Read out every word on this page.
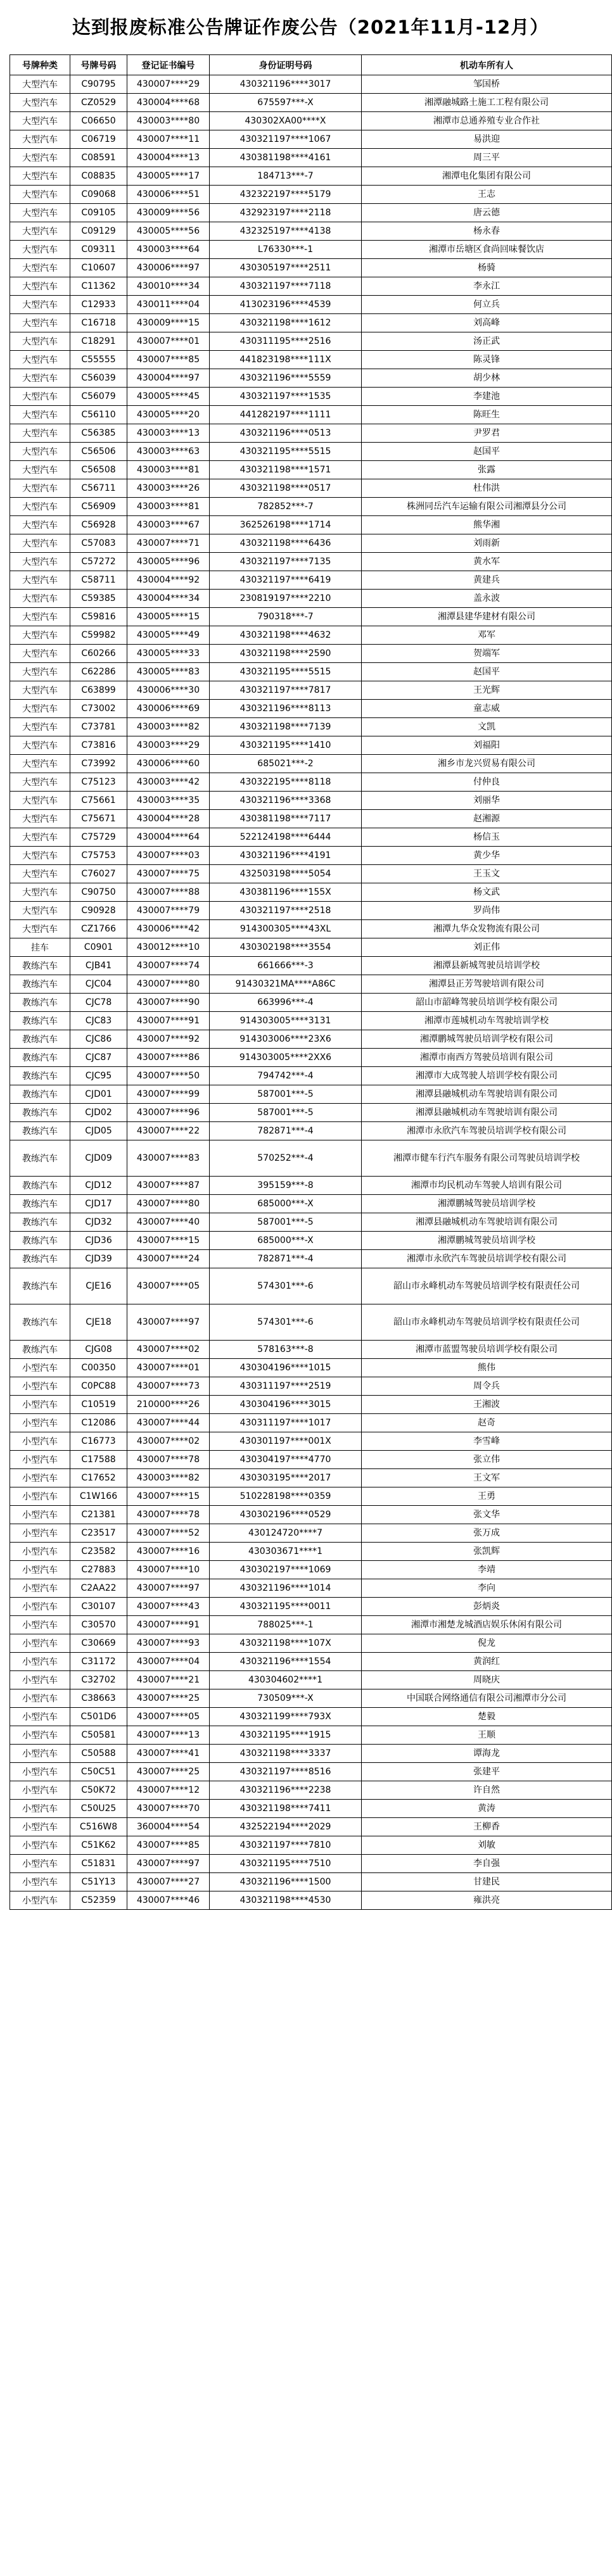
达到报废标准公告牌证作废公告（2021年11月-12月）
号牌种类	号牌号码	登记证书编号	身份证明号码	机动车所有人
大型汽车	C90795	430007****29	430321196****3017	邹国桥
大型汽车	CZ0529	430004****68	675597***-X	湘潭融城路土施工工程有限公司
大型汽车	C06650	430003****80	430302XA00****X	湘潭市总通养殖专业合作社
大型汽车	C06719	430007****11	430321197****1067	易洪迎
大型汽车	C08591	430004****13	430381198****4161	周三平
大型汽车	C08835	430005****17	184713***-7	湘潭电化集团有限公司
大型汽车	C09068	430006****51	432322197****5179	王志
大型汽车	C09105	430009****56	432923197****2118	唐云德
大型汽车	C09129	430005****56	432325197****4138	杨永春
大型汽车	C09311	430003****64	L76330***-1	湘潭市岳塘区食尚回味餐饮店
大型汽车	C10607	430006****97	430305197****2511	杨骑
大型汽车	C11362	430010****34	430321197****7118	李永江
大型汽车	C12933	430011****04	413023196****4539	何立兵
大型汽车	C16718	430009****15	430321198****1612	刘高峰
大型汽车	C18291	430007****01	430311195****2516	汤正武
大型汽车	C55555	430007****85	441823198****111X	陈灵锋
大型汽车	C56039	430004****97	430321196****5559	胡少林
大型汽车	C56079	430005****45	430321197****1535	李建池
大型汽车	C56110	430005****20	441282197****1111	陈旺生
大型汽车	C56385	430003****13	430321196****0513	尹罗君
大型汽车	C56506	430003****63	430321195****5515	赵国平
大型汽车	C56508	430003****81	430321198****1571	张露
大型汽车	C56711	430003****26	430321198****0517	杜伟洪
大型汽车	C56909	430003****81	782852***-7	株洲同岳汽车运输有限公司湘潭县分公司
大型汽车	C56928	430003****67	362526198****1714	熊华湘
大型汽车	C57083	430007****71	430321198****6436	刘雨新
大型汽车	C57272	430005****96	430321197****7135	黄水军
大型汽车	C58711	430004****92	430321197****6419	黄建兵
大型汽车	C59385	430004****34	230819197****2210	盖永波
大型汽车	C59816	430005****15	790318***-7	湘潭县建华建材有限公司
大型汽车	C59982	430005****49	430321198****4632	邓军
大型汽车	C60266	430005****33	430321198****2590	贺端军
大型汽车	C62286	430005****83	430321195****5515	赵国平
大型汽车	C63899	430006****30	430321197****7817	王光辉
大型汽车	C73002	430006****69	430321196****8113	童志威
大型汽车	C73781	430003****82	430321198****7139	文凯
大型汽车	C73816	430003****29	430321195****1410	刘福阳
大型汽车	C73992	430006****60	685021***-2	湘乡市龙兴贸易有限公司
大型汽车	C75123	430003****42	430322195****8118	付仲良
大型汽车	C75661	430003****35	430321196****3368	刘丽华
大型汽车	C75671	430004****28	430381198****7117	赵湘源
大型汽车	C75729	430004****64	522124198****6444	杨信玉
大型汽车	C75753	430007****03	430321196****4191	黄少华
大型汽车	C76027	430007****75	432503198****5054	王玉文
大型汽车	C90750	430007****88	430381196****155X	杨文武
大型汽车	C90928	430007****79	430321197****2518	罗尚伟
大型汽车	CZ1766	430006****42	914300305****43XL	湘潭九华众发物流有限公司
挂车	C0901	430012****10	430302198****3554	刘正伟
教练汽车	CJB41	430007****74	661666***-3	湘潭县新城驾驶员培训学校
教练汽车	CJC04	430007****80	91430321MA****A86C	湘潭县正芳驾驶培训有限公司
教练汽车	CJC78	430007****90	663996***-4	韶山市韶峰驾驶员培训学校有限公司
教练汽车	CJC83	430007****91	914303005****3131	湘潭市莲城机动车驾驶培训学校
教练汽车	CJC86	430007****92	914303006****23X6	湘潭鹏城驾驶员培训学校有限公司
教练汽车	CJC87	430007****86	914303005****2XX6	湘潭市南西方驾驶员培训有限公司
教练汽车	CJC95	430007****50	794742***-4	湘潭市大成驾驶人培训学校有限公司
教练汽车	CJD01	430007****99	587001***-5	湘潭县融城机动车驾驶培训有限公司
教练汽车	CJD02	430007****96	587001***-5	湘潭县融城机动车驾驶培训有限公司
教练汽车	CJD05	430007****22	782871***-4	湘潭市永欣汽车驾驶员培训学校有限公司
教练汽车	CJD09	430007****83	570252***-4	湘潭市健车行汽车服务有限公司驾驶员培训学校
教练汽车	CJD12	430007****87	395159***-8	湘潭市均民机动车驾驶人培训有限公司
教练汽车	CJD17	430007****80	685000***-X	湘潭鹏城驾驶员培训学校
教练汽车	CJD32	430007****40	587001***-5	湘潭县融城机动车驾驶培训有限公司
教练汽车	CJD36	430007****15	685000***-X	湘潭鹏城驾驶员培训学校
教练汽车	CJD39	430007****24	782871***-4	湘潭市永欣汽车驾驶员培训学校有限公司
教练汽车	CJE16	430007****05	574301***-6	韶山市永峰机动车驾驶员培训学校有限责任公司
教练汽车	CJE18	430007****97	574301***-6	韶山市永峰机动车驾驶员培训学校有限责任公司
教练汽车	CJG08	430007****02	578163***-8	湘潭市蓝盟驾驶员培训学校有限公司
小型汽车	C00350	430007****01	430304196****1015	熊伟
小型汽车	C0PC88	430007****73	430311197****2519	周令兵
小型汽车	C10519	210000****26	430304196****3015	王湘波
小型汽车	C12086	430007****44	430311197****1017	赵奇
小型汽车	C16773	430007****02	430301197****001X	李雪峰
小型汽车	C17588	430007****78	430304197****4770	张立伟
小型汽车	C17652	430003****82	430303195****2017	王文军
小型汽车	C1W166	430007****15	510228198****0359	王勇
小型汽车	C21381	430007****78	430302196****0529	张文华
小型汽车	C23517	430007****52	430124720****7	张万成
小型汽车	C23582	430007****16	430303671****1	张凯辉
小型汽车	C27883	430007****10	430302197****1069	李靖
小型汽车	C2AA22	430007****97	430321196****1014	李向
小型汽车	C30107	430007****43	430321195****0011	彭炳炎
小型汽车	C30570	430007****91	788025***-1	湘潭市湘楚龙城酒店娱乐休闲有限公司
小型汽车	C30669	430007****93	430321198****107X	倪龙
小型汽车	C31172	430007****04	430321196****1554	黄润红
小型汽车	C32702	430007****21	430304602****1	周晓庆
小型汽车	C38663	430007****25	730509***-X	中国联合网络通信有限公司湘潭市分公司
小型汽车	C501D6	430007****05	430321199****793X	楚毅
小型汽车	C50581	430007****13	430321195****1915	王顺
小型汽车	C50588	430007****41	430321198****3337	谭海龙
小型汽车	C50C51	430007****25	430321197****8516	张建平
小型汽车	C50K72	430007****12	430321196****2238	许自然
小型汽车	C50U25	430007****70	430321198****7411	黄涛
小型汽车	C516W8	360004****54	432522194****2029	王柳香
小型汽车	C51K62	430007****85	430321197****7810	刘敏
小型汽车	C51831	430007****97	430321195****7510	李自强
小型汽车	C51Y13	430007****27	430321196****1500	甘建民
小型汽车	C52359	430007****46	430321198****4530	雍洪亮
